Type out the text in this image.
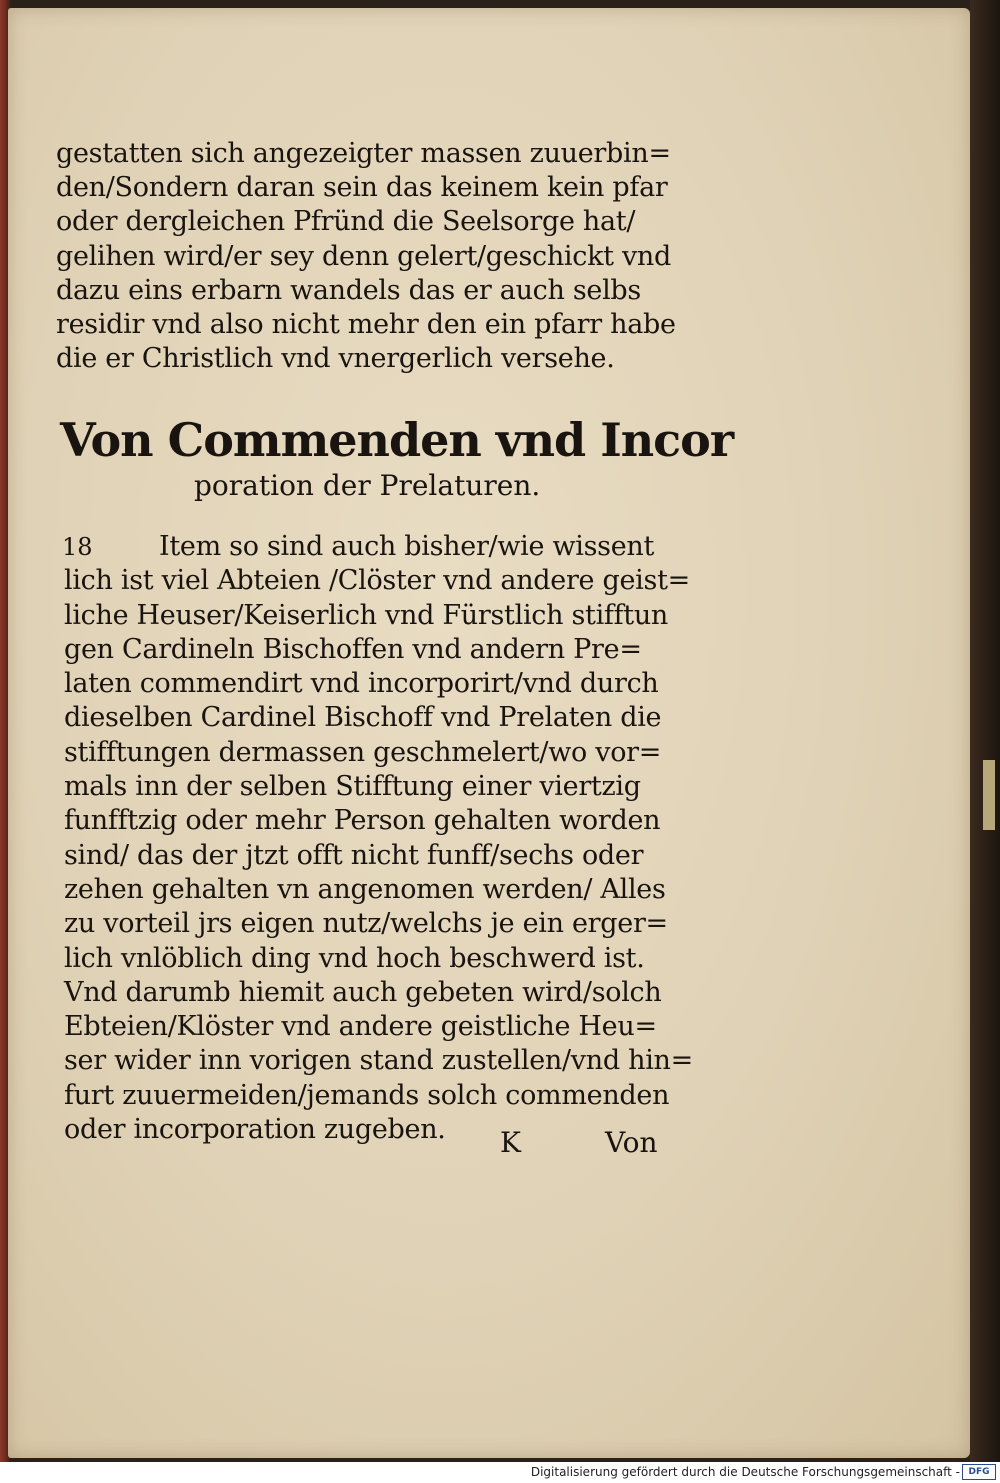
gestatten sich angezeigter massen zuuerbin=
den/Sondern daran sein das keinem kein pfar
oder dergleichen Pfründ die Seelsorge hat/
gelihen wird/er sey denn gelert/geschickt vnd
dazu eins erbarn wandels das er auch selbs
residir vnd also nicht mehr den ein pfarr habe
die er Christlich vnd vnergerlich versehe.
Von Commenden vnd Incor
poration der Prelaturen.
18	Item so sind auch bisher/wie wissent
lich ist viel Abteien /Clöster vnd andere geist=
liche Heuser/Keiserlich vnd Fürstlich stifftun
gen Cardineln Bischoffen vnd andern Pre=
laten commendirt vnd incorporirt/vnd durch
dieselben Cardinel Bischoff vnd Prelaten die
stifftungen dermassen geschmelert/wo vor=
mals inn der selben Stifftung einer viertzig
funfftzig oder mehr Person gehalten worden
sind/ das der jtzt offt nicht funff/sechs oder
zehen gehalten vn angenomen werden/ Alles
zu vorteil jrs eigen nutz/welchs je ein erger=
lich vnlöblich ding vnd hoch beschwerd ist.
Vnd darumb hiemit auch gebeten wird/solch
Ebteien/Klöster vnd andere geistliche Heu=
ser wider inn vorigen stand zustellen/vnd hin=
furt zuuermeiden/jemands solch commenden
oder incorporation zugeben.	K	Von
Digitalisierung gefördert durch die Deutsche Forschungsgemeinschaft - DFG
